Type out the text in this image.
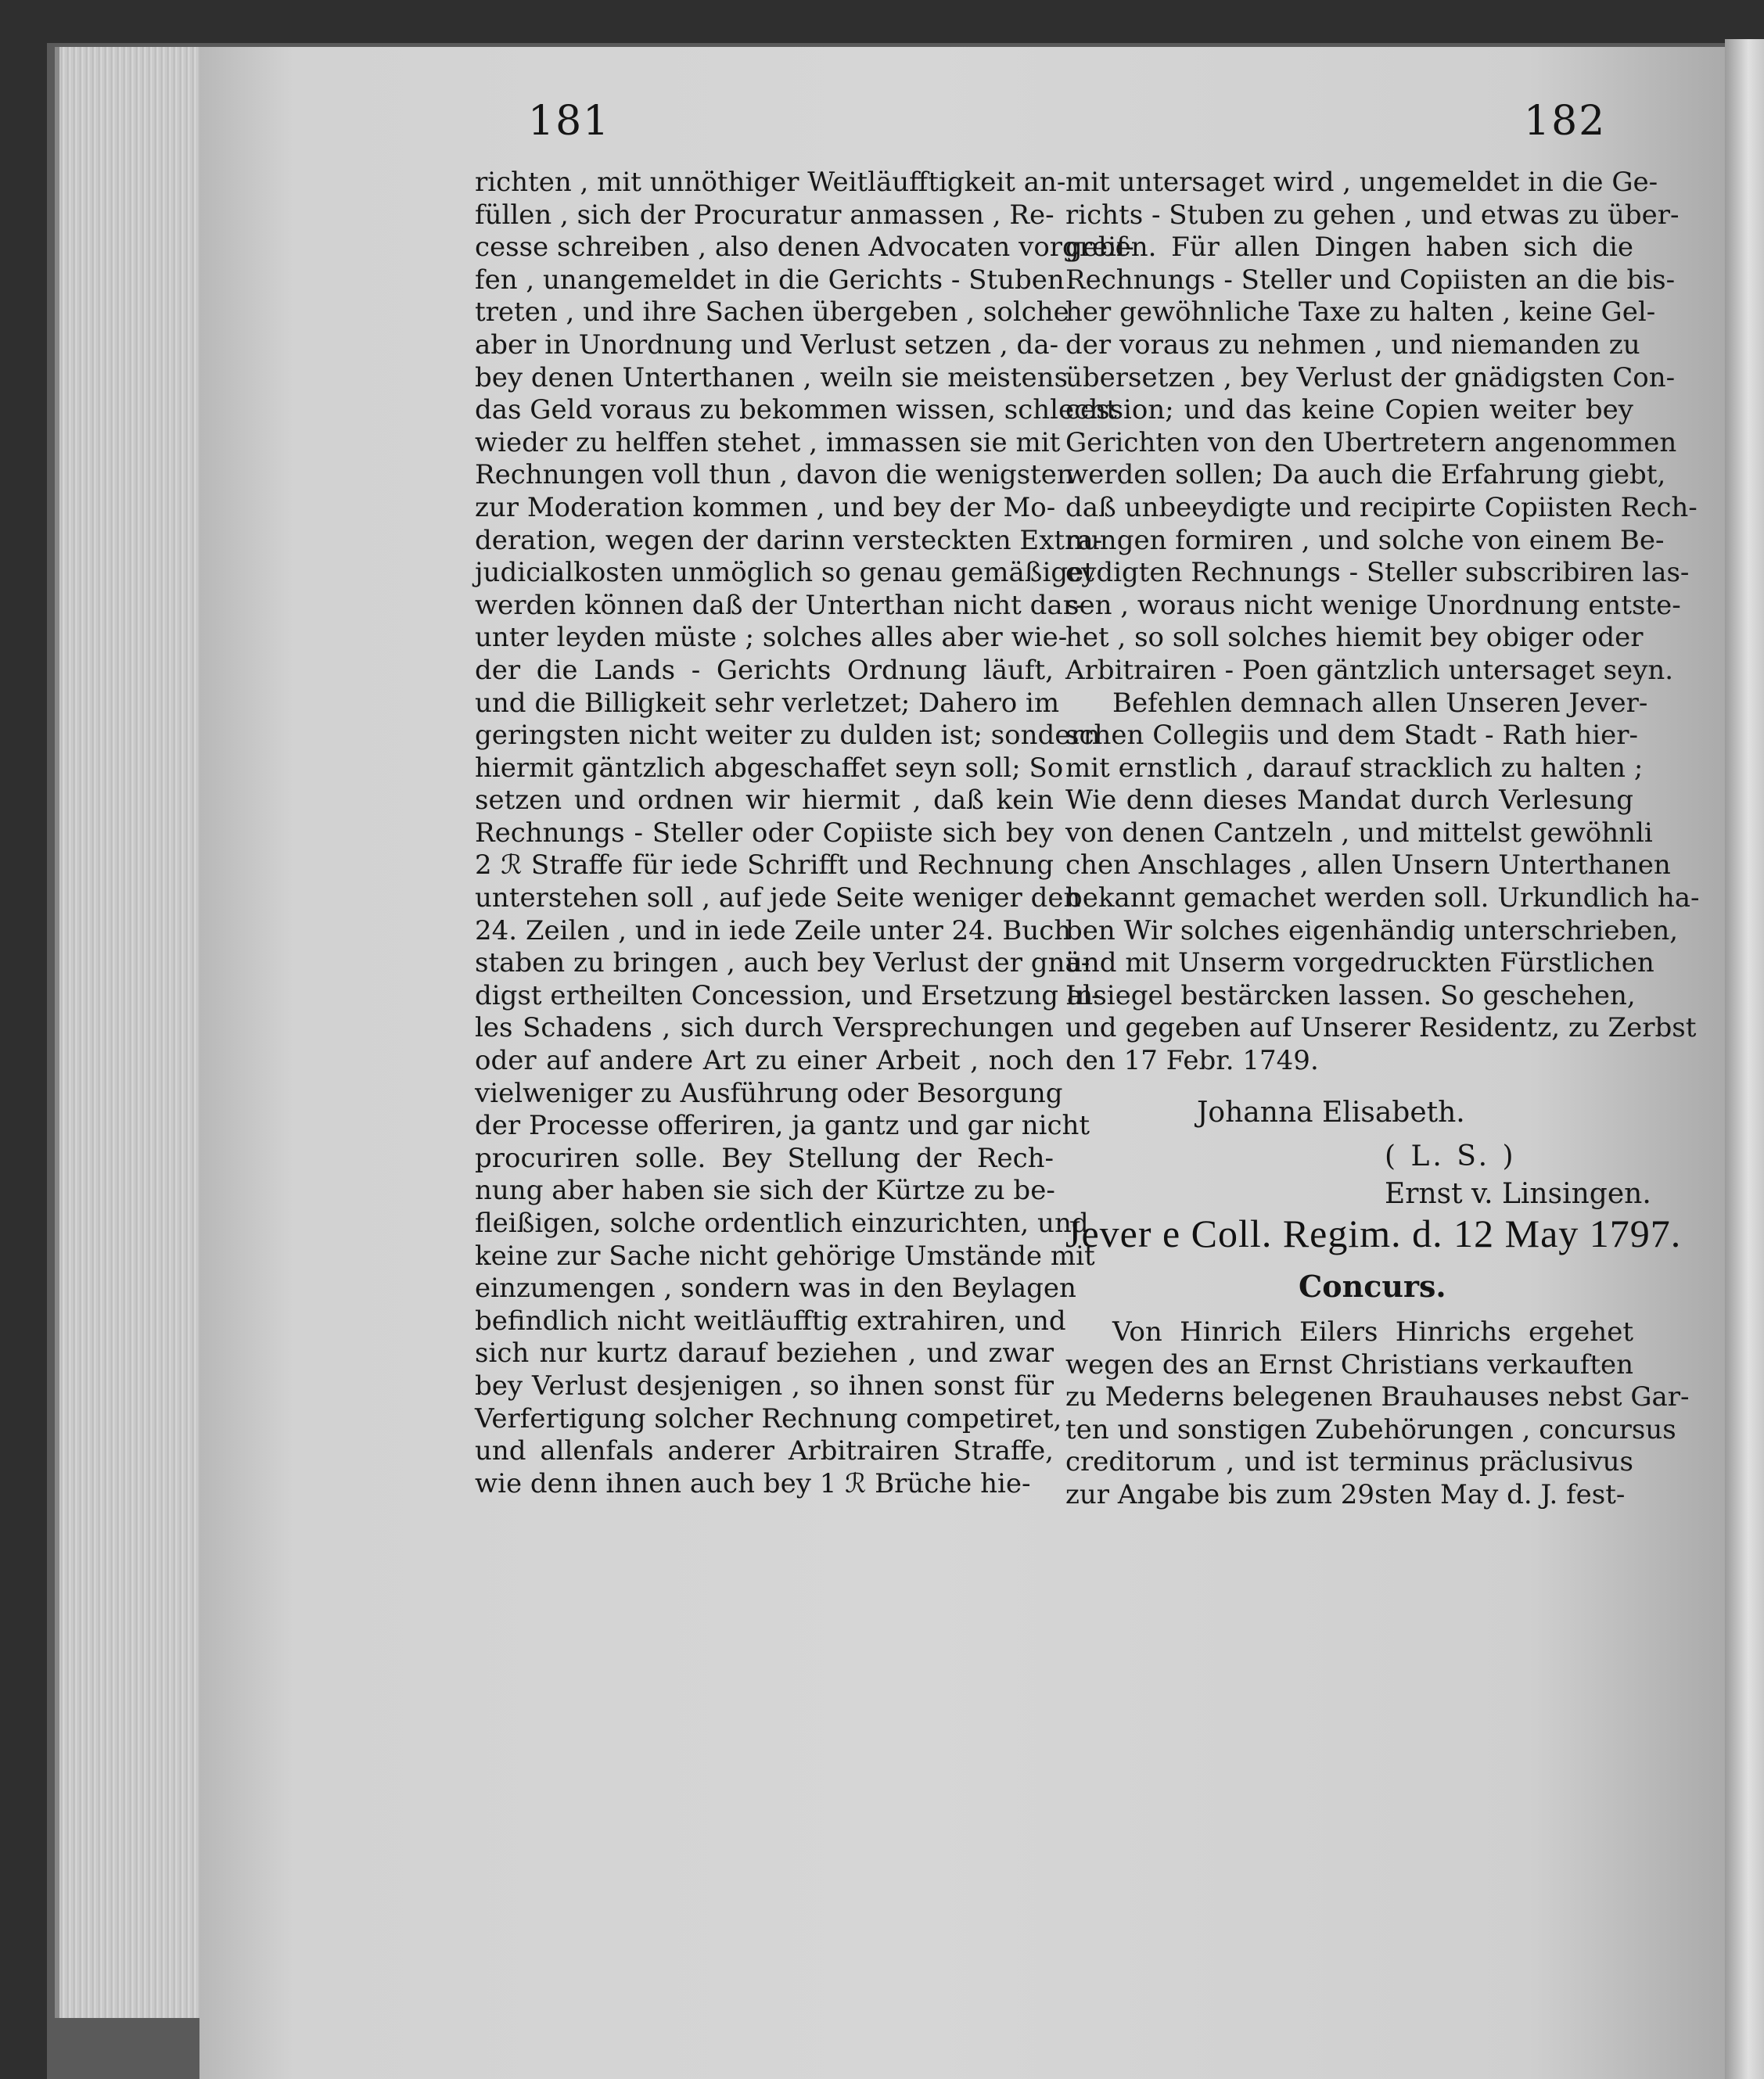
181	182
richten , mit unnöthiger Weitläufftigkeit an-
füllen , sich der Procuratur anmassen , Re-
cesse schreiben , also denen Advocaten vorgreif-
fen , unangemeldet in die Gerichts - Stuben
treten , und ihre Sachen übergeben , solche
aber in Unordnung und Verlust setzen , da-
bey denen Unterthanen , weiln sie meistens
das Geld voraus zu bekommen wissen, schlecht
wieder zu helffen stehet , immassen sie mit
Rechnungen voll thun , davon die wenigsten
zur Moderation kommen , und bey der Mo-
deration, wegen der darinn versteckten Extra-
judicialkosten unmöglich so genau gemäßiget
werden können daß der Unterthan nicht dar-
unter leyden müste ; solches alles aber wie-
der die Lands - Gerichts Ordnung läuft,
und die Billigkeit sehr verletzet; Dahero im
geringsten nicht weiter zu dulden ist; sondern
hiermit gäntzlich abgeschaffet seyn soll; So
setzen und ordnen wir hiermit , daß kein
Rechnungs - Steller oder Copiiste sich bey
2 ℛ Straffe für iede Schrifft und Rechnung
unterstehen soll , auf jede Seite weniger den
24. Zeilen , und in iede Zeile unter 24. Buch
staben zu bringen , auch bey Verlust der gnä-
digst ertheilten Concession, und Ersetzung al-
les Schadens , sich durch Versprechungen
oder auf andere Art zu einer Arbeit , noch
vielweniger zu Ausführung oder Besorgung
der Processe offeriren, ja gantz und gar nicht
procuriren solle. Bey Stellung der Rech-
nung aber haben sie sich der Kürtze zu be-
fleißigen, solche ordentlich einzurichten, und
keine zur Sache nicht gehörige Umstände mit
einzumengen , sondern was in den Beylagen
befindlich nicht weitläufftig extrahiren, und
sich nur kurtz darauf beziehen , und zwar
bey Verlust desjenigen , so ihnen sonst für
Verfertigung solcher Rechnung competiret,
und allenfals anderer Arbitrairen Straffe,
wie denn ihnen auch bey 1 ℛ Brüche hie-
mit untersaget wird , ungemeldet in die Ge-
richts - Stuben zu gehen , und etwas zu über-
geben. Für allen Dingen haben sich die
Rechnungs - Steller und Copiisten an die bis-
her gewöhnliche Taxe zu halten , keine Gel-
der voraus zu nehmen , und niemanden zu
übersetzen , bey Verlust der gnädigsten Con-
cession; und das keine Copien weiter bey
Gerichten von den Ubertretern angenommen
werden sollen; Da auch die Erfahrung giebt,
daß unbeeydigte und recipirte Copiisten Rech-
nungen formiren , und solche von einem Be-
eydigten Rechnungs - Steller subscribiren las-
sen , woraus nicht wenige Unordnung entste-
het , so soll solches hiemit bey obiger oder
Arbitrairen - Poen gäntzlich untersaget seyn.
Befehlen demnach allen Unseren Jever-
schen Collegiis und dem Stadt - Rath hier-
mit ernstlich , darauf stracklich zu halten ;
Wie denn dieses Mandat durch Verlesung
von denen Cantzeln , und mittelst gewöhnli
chen Anschlages , allen Unsern Unterthanen
bekannt gemachet werden soll. Urkundlich ha-
ben Wir solches eigenhändig unterschrieben,
und mit Unserm vorgedruckten Fürstlichen
Insiegel bestärcken lassen. So geschehen,
und gegeben auf Unserer Residentz, zu Zerbst
den 17 Febr. 1749.
Johanna Elisabeth.
( L. S. )
Ernst v. Linsingen.
Jever e Coll. Regim. d. 12 May 1797.
Concurs.
Von Hinrich Eilers Hinrichs ergehet
wegen des an Ernst Christians verkauften
zu Mederns belegenen Brauhauses nebst Gar-
ten und sonstigen Zubehörungen , concursus
creditorum , und ist terminus präclusivus
zur Angabe bis zum 29sten May d. J. fest-
